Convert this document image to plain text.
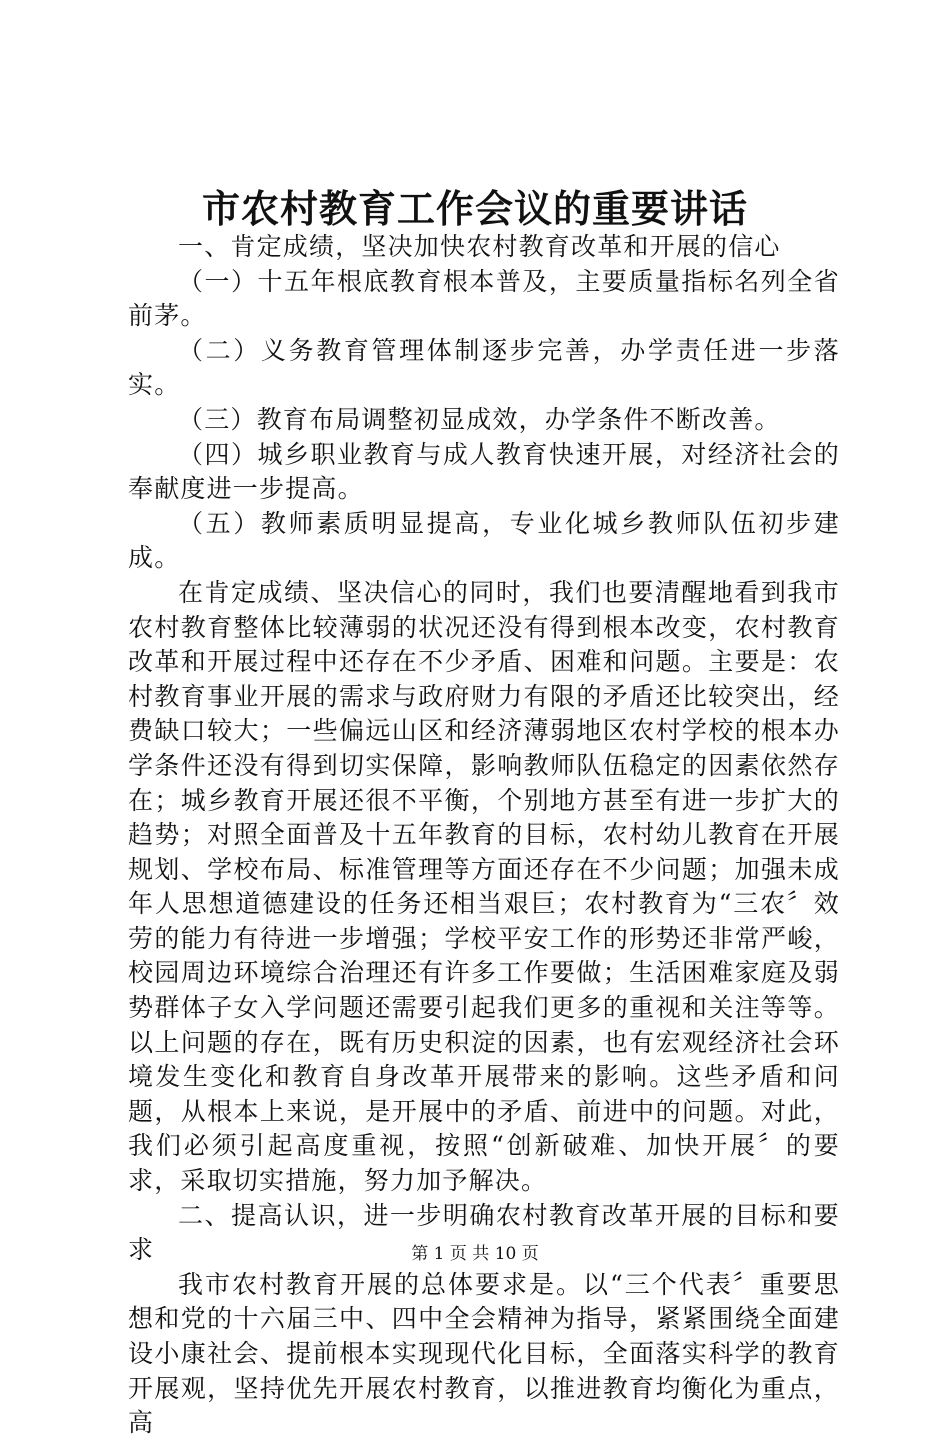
市农村教育工作会议的重要讲话

一、肯定成绩，坚决加快农村教育改革和开展的信心

（一）十五年根底教育根本普及，主要质量指标名列全省前茅。

（二）义务教育管理体制逐步完善，办学责任进一步落实。

（三）教育布局调整初显成效，办学条件不断改善。

（四）城乡职业教育与成人教育快速开展，对经济社会的奉献度进一步提高。

（五）教师素质明显提高，专业化城乡教师队伍初步建成。

在肯定成绩、坚决信心的同时，我们也要清醒地看到我市农村教育整体比较薄弱的状况还没有得到根本改变，农村教育改革和开展过程中还存在不少矛盾、困难和问题。主要是：农村教育事业开展的需求与政府财力有限的矛盾还比较突出，经费缺口较大；一些偏远山区和经济薄弱地区农村学校的根本办学条件还没有得到切实保障，影响教师队伍稳定的因素依然存在；城乡教育开展还很不平衡，个别地方甚至有进一步扩大的趋势；对照全面普及十五年教育的目标，农村幼儿教育在开展规划、学校布局、标准管理等方面还存在不少问题；加强未成年人思想道德建设的任务还相当艰巨；农村教育为“三农〞效劳的能力有待进一步增强；学校平安工作的形势还非常严峻，校园周边环境综合治理还有许多工作要做；生活困难家庭及弱势群体子女入学问题还需要引起我们更多的重视和关注等等。以上问题的存在，既有历史积淀的因素，也有宏观经济社会环境发生变化和教育自身改革开展带来的影响。这些矛盾和问题，从根本上来说，是开展中的矛盾、前进中的问题。对此，我们必须引起高度重视，按照“创新破难、加快开展〞的要求，采取切实措施，努力加予解决。

二、提高认识，进一步明确农村教育改革开展的目标和要求

我市农村教育开展的总体要求是。以“三个代表〞重要思想和党的十六届三中、四中全会精神为指导，紧紧围绕全面建设小康社会、提前根本实现现代化目标，全面落实科学的教育开展观，坚持优先开展农村教育，以推进教育均衡化为重点，高

第 1 页 共 10 页
